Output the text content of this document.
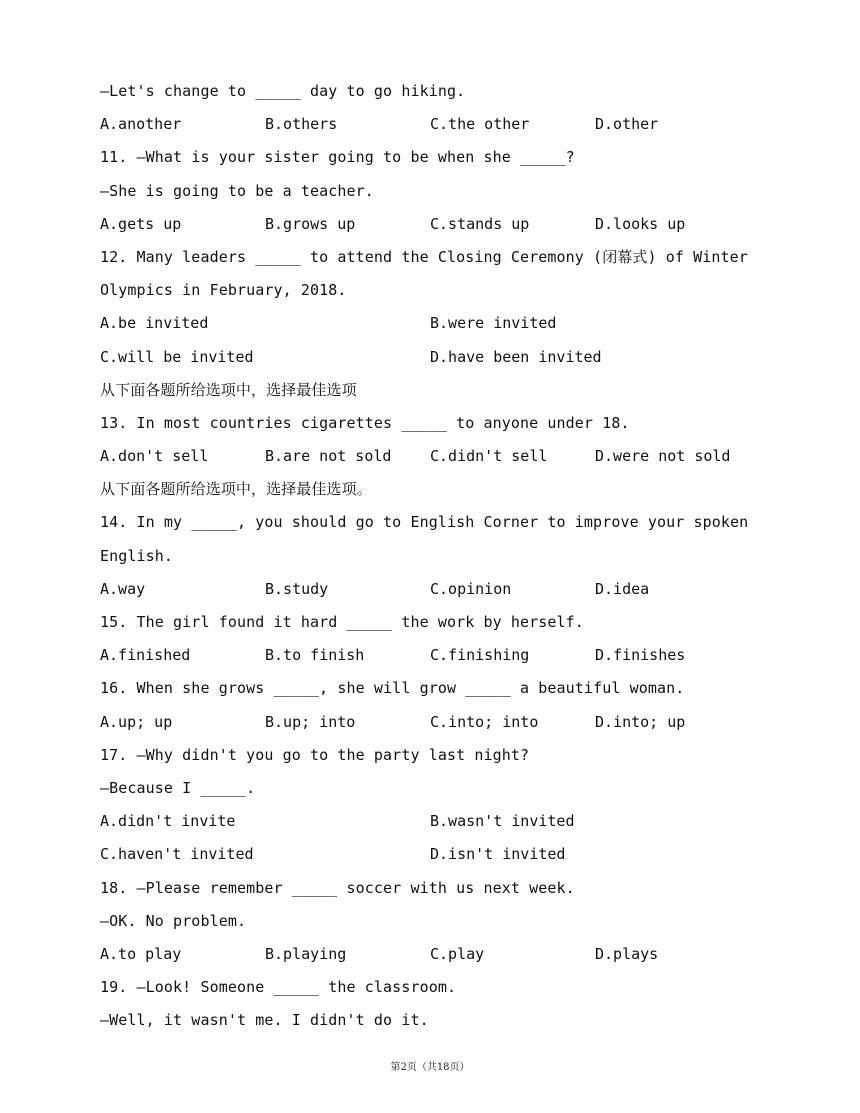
—Let's change to _____ day to go hiking.
A.another	B.others	C.the other	D.other
11. —What is your sister going to be when she _____?
—She is going to be a teacher.
A.gets up	B.grows up	C.stands up	D.looks up
12. Many leaders _____ to attend the Closing Ceremony (闭幕式) of Winter
Olympics in February, 2018.
A.be invited	B.were invited
C.will be invited	D.have been invited
从下面各题所给选项中，选择最佳选项
13. In most countries cigarettes _____ to anyone under 18.
A.don't sell	B.are not sold	C.didn't sell	D.were not sold
从下面各题所给选项中，选择最佳选项。
14. In my _____, you should go to English Corner to improve your spoken
English.
A.way	B.study	C.opinion	D.idea
15. The girl found it hard _____ the work by herself.
A.finished	B.to finish	C.finishing	D.finishes
16. When she grows _____, she will grow _____ a beautiful woman.
A.up; up	B.up; into	C.into; into	D.into; up
17. —Why didn't you go to the party last night?
—Because I _____.
A.didn't invite	B.wasn't invited
C.haven't invited	D.isn't invited
18. —Please remember _____ soccer with us next week.
—OK. No problem.
A.to play	B.playing	C.play	D.plays
19. —Look! Someone _____ the classroom.
—Well, it wasn't me. I didn't do it.
第2页（共18页）
